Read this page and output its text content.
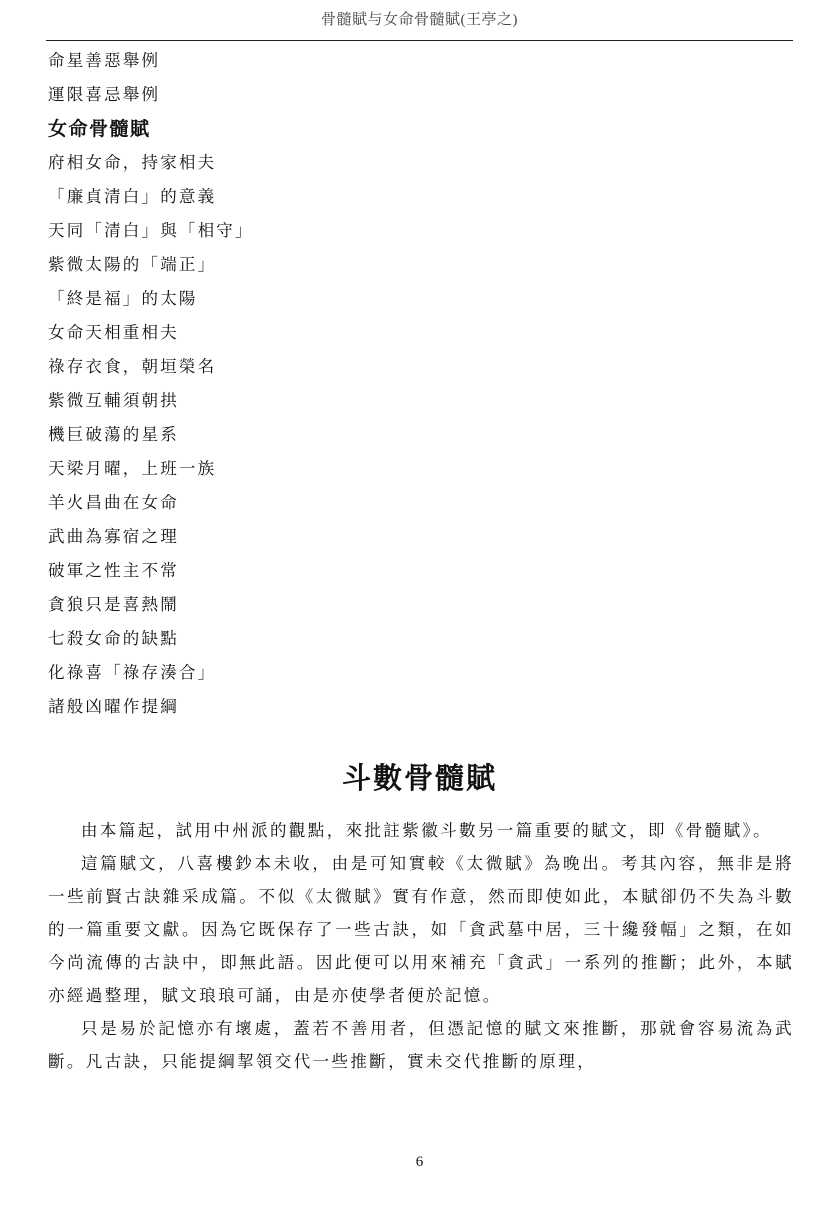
骨髓賦与女命骨髓賦(王亭之)
命星善惡舉例
運限喜忌舉例
女命骨髓賦
府相女命，持家相夫
「廉貞清白」的意義
天同「清白」與「相守」
紫微太陽的「端正」
「終是福」的太陽
女命天相重相夫
祿存衣食，朝垣榮名
紫微互輔須朝拱
機巨破蕩的星系
天梁月曜，上班一族
羊火昌曲在女命
武曲為寡宿之理
破軍之性主不常
貪狼只是喜熱鬧
七殺女命的缺點
化祿喜「祿存湊合」
諸般凶曜作提綱
斗數骨髓賦

由本篇起，試用中州派的觀點，來批註紫徽斗數另一篇重要的賦文，即《骨髓賦》。

這篇賦文，八喜樓鈔本未收，由是可知實較《太微賦》為晚出。考其內容，無非是將一些前賢古訣雜采成篇。不似《太微賦》實有作意，然而即使如此，本賦卻仍不失為斗數的一篇重要文獻。因為它既保存了一些古訣，如「貪武墓中居，三十纔發幅」之類，在如今尚流傳的古訣中，即無此語。因此便可以用來補充「貪武」一系列的推斷；此外，本賦亦經過整理，賦文琅琅可誦，由是亦使學者便於記憶。

只是易於記憶亦有壞處，蓋若不善用者，但憑記憶的賦文來推斷，那就會容易流為武斷。凡古訣，只能提綱挈領交代一些推斷，實未交代推斷的原理，

6
